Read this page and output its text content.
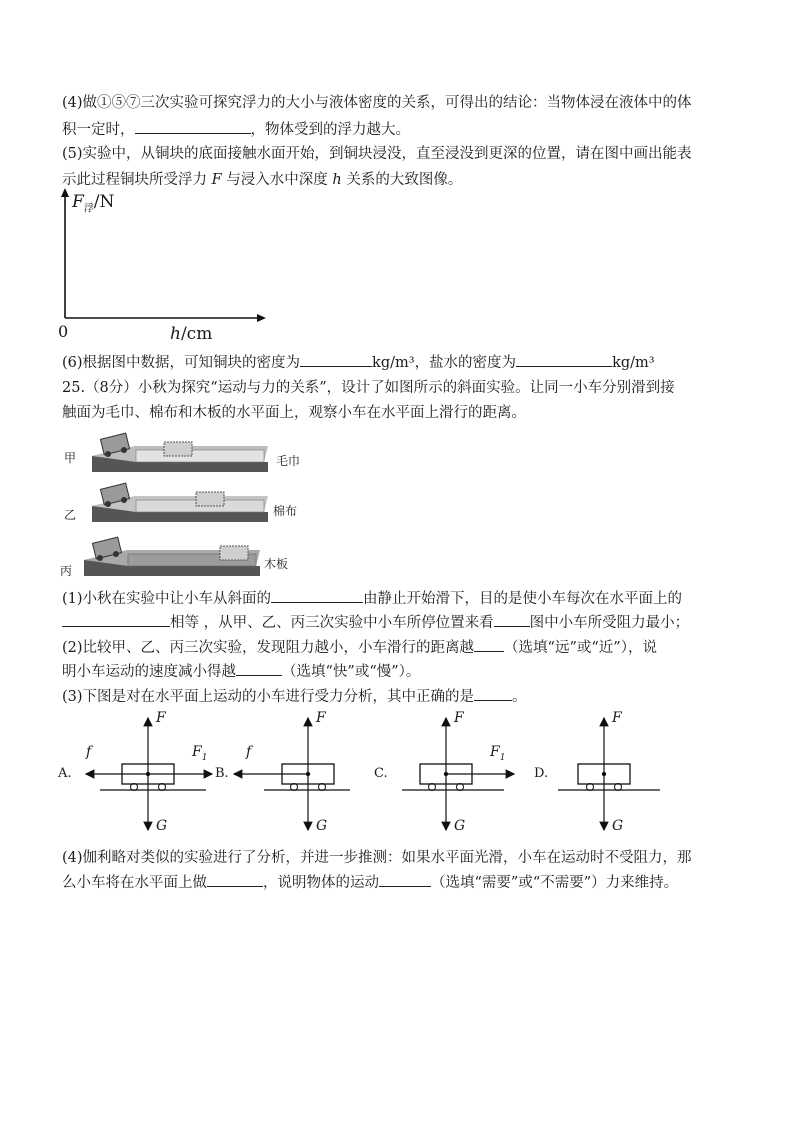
(4)做①⑤⑦三次实验可探究浮力的大小与液体密度的关系，可得出的结论：当物体浸在液体中的体
积一定时，	，物体受到的浮力越大。
(5)实验中，从铜块的底面接触水面开始，到铜块浸没，直至浸没到更深的位置，请在图中画出能表
示此过程铜块所受浮力 F 与浸入水中深度 h 关系的大致图像。
$F_浮/N$
0	h/cm
(6)根据图中数据，可知铜块的密度为	kg/m³，盐水的密度为	kg/m³
25.（8分）小秋为探究“运动与力的关系”，设计了如图所示的斜面实验。让同一小车分别滑到接
触面为毛巾、棉布和木板的水平面上，观察小车在水平面上滑行的距离。
甲	毛巾
乙	棉布
丙	木板
(1)小秋在实验中让小车从斜面的	由静止开始滑下，目的是使小车每次在水平面上的
相等 ，从甲、乙、丙三次实验中小车所停位置来看 图中小车所受阻力最小；
(2)比较甲、乙、丙三次实验，发现阻力越小，小车滑行的距离越 （选填“远”或“近”），说
明小车运动的速度减小得越	（选填“快”或“慢”）。
(3)下图是对在水平面上运动的小车进行受力分析，其中正确的是	。
A.
F
G
f	$F_1$
B.
F
G
f
C.
F
G
$F_1$
D.
F
G
(4)伽利略对类似的实验进行了分析，并进一步推测：如果水平面光滑，小车在运动时不受阻力，那
么小车将在水平面上做	，说明物体的运动	（选填“需要”或“不需要”）力来维持。
